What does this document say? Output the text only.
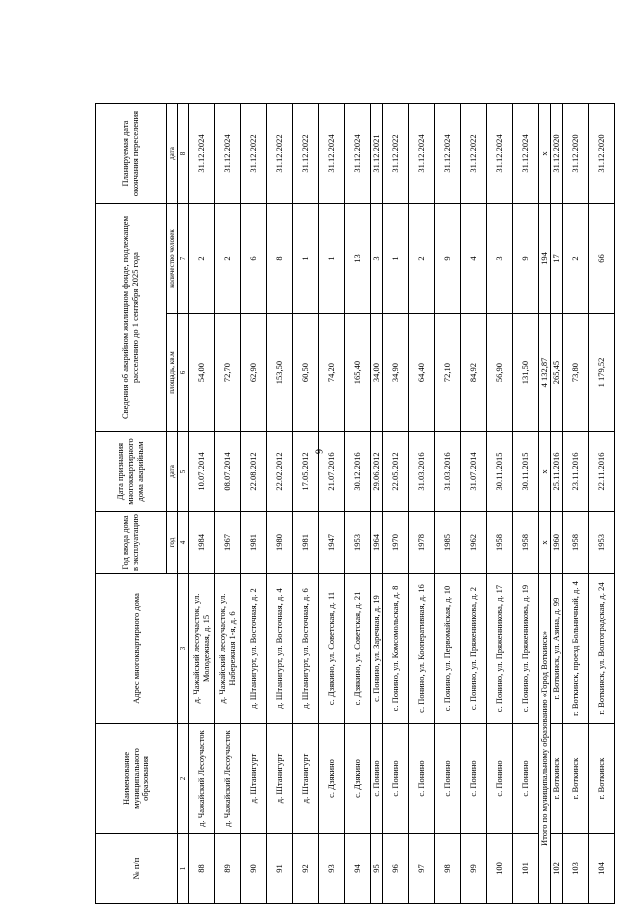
6
№ п/п	Наименование муниципального образования	Адрес многоквартирного дома	Год ввода дома в эксплуатацию	Дата признания многоквартирного дома аварийным	Сведения об аварийном жилищном фонде, подлежащем расселению до 1 сентября 2025 года		Планируемая дата окончания переселения
			год	дата	площадь, кв.м	количество человек	дата
1	2	3	4	5	6	7	8
88	д. Чажайский Лесоучасток	д. Чажайский лесоучасток, ул. Молодежная, д. 15	1984	10.07.2014	54,00	2	31.12.2024
89	д. Чажайский Лесоучасток	д. Чажайский лесоучасток, ул. Набережная 1-я, д. 6	1967	08.07.2014	72,70	2	31.12.2024
90	д. Штанигурт	д. Штанигурт, ул. Восточная, д. 2	1981	22.08.2012	62,90	6	31.12.2022
91	д. Штанигурт	д. Штанигурт, ул. Восточная, д. 4	1980	22.02.2012	153,50	8	31.12.2022
92	д. Штанигурт	д. Штанигурт, ул. Восточная, д. 6	1981	17.05.2012	60,50	1	31.12.2022
93	с. Дзякино	с. Дзякино, ул. Советская, д. 11	1947	21.07.2016	74,20	1	31.12.2024
94	с. Дзякино	с. Дзякино, ул. Советская, д. 21	1953	30.12.2016	165,40	13	31.12.2024
95	с. Понино	с. Понино, ул. Заречная, д. 19	1964	29.06.2012	34,00	3	31.12.2021
96	с. Понино	с. Понино, ул. Комсомольская, д. 8	1970	22.05.2012	34,90	1	31.12.2022
97	с. Понино	с. Понино, ул. Кооперативная, д. 16	1978	31.03.2016	64,40	2	31.12.2024
98	с. Понино	с. Понино, ул. Первомайская, д. 10	1985	31.03.2016	72,10	9	31.12.2024
99	с. Понино	с. Понино, ул. Пряженникова, д. 2	1962	31.07.2014	84,92	4	31.12.2022
100	с. Понино	с. Понино, ул. Пряженникова, д. 17	1958	30.11.2015	56,90	3	31.12.2024
101	с. Понино	с. Понино, ул. Пряженникова, д. 19	1958	30.11.2015	131,50	9	31.12.2024
Итого по муниципальному образованию «Город Воткинск»			х	х	4 132,87	194	х
102	г. Воткинск	г. Воткинск, ул. Азина, д. 99	1960	25.11.2016	265,45	17	31.12.2020
103	г. Воткинск	г. Воткинск, проезд Больничный, д. 4	1958	23.11.2016	73,80	2	31.12.2020
104	г. Воткинск	г. Воткинск, ул. Волгоградская, д. 24	1953	22.11.2016	1 179,52	66	31.12.2020
